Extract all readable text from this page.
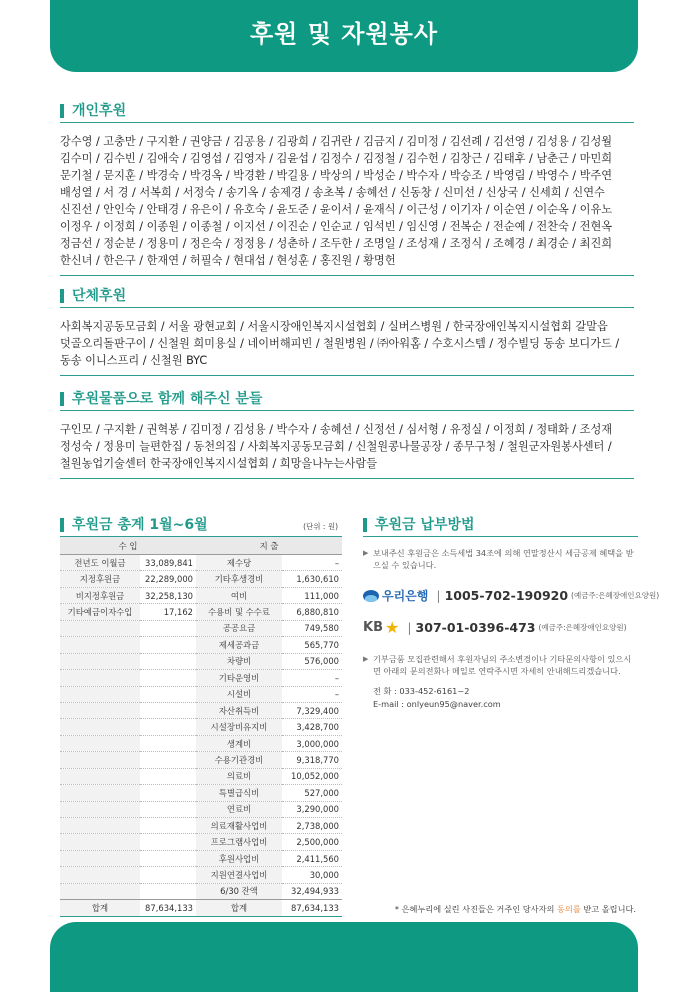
후원 및 자원봉사
개인후원
강수영 / 고충만 / 구지환 / 권양금 / 김공용 / 김광희 / 김귀란 / 김금지 / 김미정 / 김선례 / 김선영 / 김성용 / 김성월 김수미 / 김수빈 / 김애숙 / 김영섭 / 김영자 / 김윤섭 / 김정수 / 김정철 / 김수헌 / 김창근 / 김태후 / 남춘근 / 마민희 문기철 / 문지훈 / 박경숙 / 박경옥 / 박경환 / 박길용 / 박상의 / 박성순 / 박수자 / 박승조 / 박영림 / 박영수 / 박주연 배성열 / 서 경 / 서복희 / 서정숙 / 송기옥 / 송제경 / 송초복 / 송혜선 / 신동창 / 신미선 / 신상국 / 신세희 / 신연수 신진선 / 안인숙 / 안태경 / 유은이 / 유호숙 / 윤도준 / 윤이서 / 윤재식 / 이근성 / 이기자 / 이순연 / 이순옥 / 이유노 이정우 / 이정희 / 이종원 / 이종철 / 이지선 / 이진순 / 인순교 / 임석빈 / 임신영 / 전복순 / 전순예 / 전찬숙 / 전현옥 정금선 / 정순분 / 정용미 / 정은숙 / 정정용 / 성춘하 / 조두한 / 조명일 / 조성재 / 조정식 / 조혜경 / 최경순 / 최진희 한신녀 / 한은구 / 한재연 / 허필숙 / 현대섭 / 현성훈 / 홍진원 / 황명헌
단체후원
사회복지공동모금회 / 서울 광현교회 / 서울시장애인복지시설협회 / 실버스병원 / 한국장애인복지시설협회 갈말읍 덧골오리돌판구이 / 신철원 희미용실 / 네이버해피빈 / 철원병원 / ㈜아워홈 / 수호시스템 / 정수빌딩 동송 보디가드 / 동송 이니스프리 / 신철원 BYC
후원물품으로 함께 해주신 분들
구인모 / 구지환 / 권혁봉 / 김미정 / 김성용 / 박수자 / 송혜선 / 신정선 / 심서형 / 유정실 / 이정희 / 정태화 / 조성재 정성숙 / 정용미 늘편한집 / 동천의집 / 사회복지공동모금회 / 신철원콩나물공장 / 종무구청 / 철원군자원봉사센터 / 철원농업기술센터 한국장애인복지시설협회 / 희망을나누는사람들
후원금 총계 1월~6월	(단위 : 원)
수 입		지 출	
전년도 이월금	33,089,841	제수당	–
지정후원금	22,289,000	기타후생경비	1,630,610
비지정후원금	32,258,130	여비	111,000
기타예금이자수입	17,162	수용비 및 수수료	6,880,810
		공공요금	749,580
		제세공과금	565,770
		차량비	576,000
		기타운영비	–
		시설비	–
		자산취득비	7,329,400
		시설장비유지비	3,428,700
		생계비	3,000,000
		수용기관경비	9,318,770
		의료비	10,052,000
		특별급식비	527,000
		연료비	3,290,000
		의료재활사업비	2,738,000
		프로그램사업비	2,500,000
		후원사업비	2,411,560
		지원연결사업비	30,000
		6/30 잔액	32,494,933
합계	87,634,133	합계	87,634,133
후원금 납부방법
▶ 보내주신 후원금은 소득세법 34조에 의해 연말정산시 세금공제 혜택을 받으실 수 있습니다.
우리은행 | 1005-702-190920 (예금주:은혜장애인요양원)
KB ★ | 307-01-0396-473 (예금주:은혜장애인요양원)
▶ 기부금품 모집관련해서 후원자님의 주소변경이나 기타문의사항이 있으시면 아래의 문의전화나 메일로 연락주시면 자세히 안내해드리겠습니다.
전 화 : 033-452-6161~2
E-mail : onlyeun95@naver.com
* 은혜누리에 실린 사진들은 거주인 당사자의 동의를 받고 올립니다.
